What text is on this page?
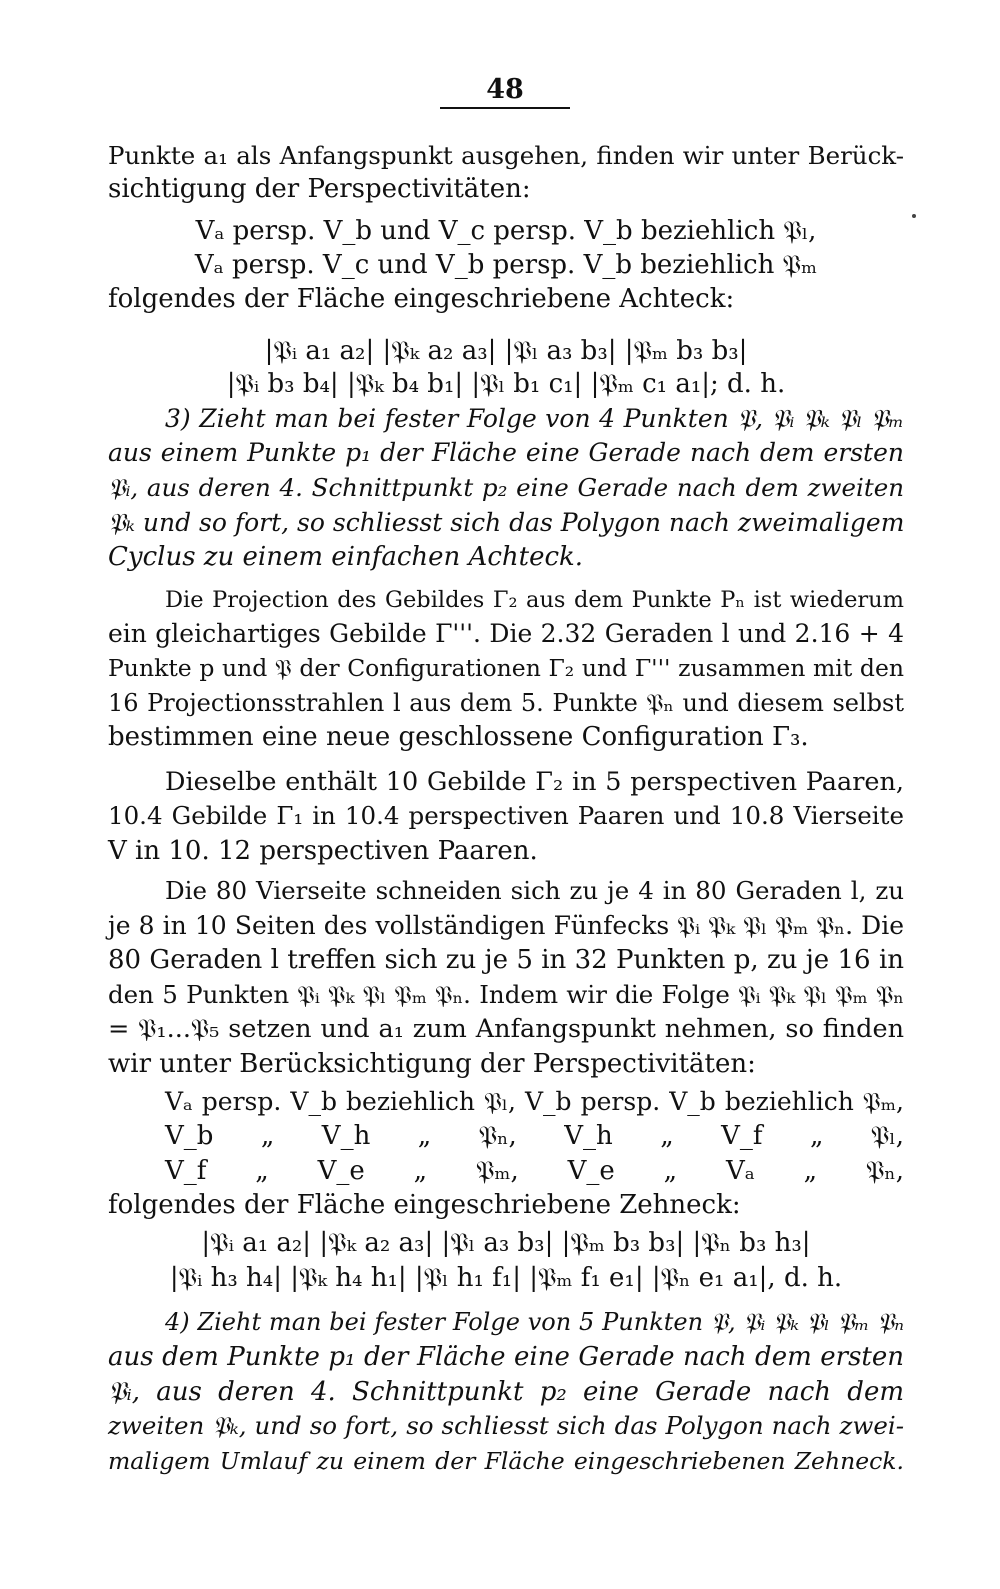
48
Punkte a₁ als Anfangspunkt ausgehen, finden wir unter Berück-
sichtigung der Perspectivitäten:
Vₐ persp. V_b und V_c persp. V_b beziehlich 𝔓ₗ,
Vₐ persp. V_c und V_b persp. V_b beziehlich 𝔓ₘ
folgendes der Fläche eingeschriebene Achteck:
|𝔓ᵢ a₁ a₂| |𝔓ₖ a₂ a₃| |𝔓ₗ a₃ b₃| |𝔓ₘ b₃ b₃|
|𝔓ᵢ b₃ b₄| |𝔓ₖ b₄ b₁| |𝔓ₗ b₁ c₁| |𝔓ₘ c₁ a₁|; d. h.
3) Zieht man bei fester Folge von 4 Punkten 𝔓, 𝔓ᵢ 𝔓ₖ 𝔓ₗ 𝔓ₘ
aus einem Punkte p₁ der Fläche eine Gerade nach dem ersten
𝔓ᵢ, aus deren 4. Schnittpunkt p₂ eine Gerade nach dem zweiten
𝔓ₖ und so fort, so schliesst sich das Polygon nach zweimaligem
Cyclus zu einem einfachen Achteck.
Die Projection des Gebildes Γ₂ aus dem Punkte Pₙ ist wiederum
ein gleichartiges Gebilde Γ'''. Die 2.32 Geraden l und 2.16 + 4
Punkte p und 𝔓 der Configurationen Γ₂ und Γ''' zusammen mit den
16 Projectionsstrahlen l aus dem 5. Punkte 𝔓ₙ und diesem selbst
bestimmen eine neue geschlossene Configuration Γ₃.
Dieselbe enthält 10 Gebilde Γ₂ in 5 perspectiven Paaren,
10.4 Gebilde Γ₁ in 10.4 perspectiven Paaren und 10.8 Vierseite
V in 10. 12 perspectiven Paaren.
Die 80 Vierseite schneiden sich zu je 4 in 80 Geraden l, zu
je 8 in 10 Seiten des vollständigen Fünfecks 𝔓ᵢ 𝔓ₖ 𝔓ₗ 𝔓ₘ 𝔓ₙ. Die
80 Geraden l treffen sich zu je 5 in 32 Punkten p, zu je 16 in
den 5 Punkten 𝔓ᵢ 𝔓ₖ 𝔓ₗ 𝔓ₘ 𝔓ₙ. Indem wir die Folge 𝔓ᵢ 𝔓ₖ 𝔓ₗ 𝔓ₘ 𝔓ₙ
= 𝔓₁...𝔓₅ setzen und a₁ zum Anfangspunkt nehmen, so finden
wir unter Berücksichtigung der Perspectivitäten:
Vₐ persp. V_b beziehlich 𝔓ₗ, V_b persp. V_b beziehlich 𝔓ₘ,
V_b „ V_h „ 𝔓ₙ, V_h „ V_f „ 𝔓ₗ,
V_f „ V_e „ 𝔓ₘ, V_e „ Vₐ „ 𝔓ₙ,
folgendes der Fläche eingeschriebene Zehneck:
|𝔓ᵢ a₁ a₂| |𝔓ₖ a₂ a₃| |𝔓ₗ a₃ b₃| |𝔓ₘ b₃ b₃| |𝔓ₙ b₃ h₃|
|𝔓ᵢ h₃ h₄| |𝔓ₖ h₄ h₁| |𝔓ₗ h₁ f₁| |𝔓ₘ f₁ e₁| |𝔓ₙ e₁ a₁|, d. h.
4) Zieht man bei fester Folge von 5 Punkten 𝔓, 𝔓ᵢ 𝔓ₖ 𝔓ₗ 𝔓ₘ 𝔓ₙ
aus dem Punkte p₁ der Fläche eine Gerade nach dem ersten
𝔓ᵢ, aus deren 4. Schnittpunkt p₂ eine Gerade nach dem
zweiten 𝔓ₖ, und so fort, so schliesst sich das Polygon nach zwei-
maligem Umlauf zu einem der Fläche eingeschriebenen Zehneck.
